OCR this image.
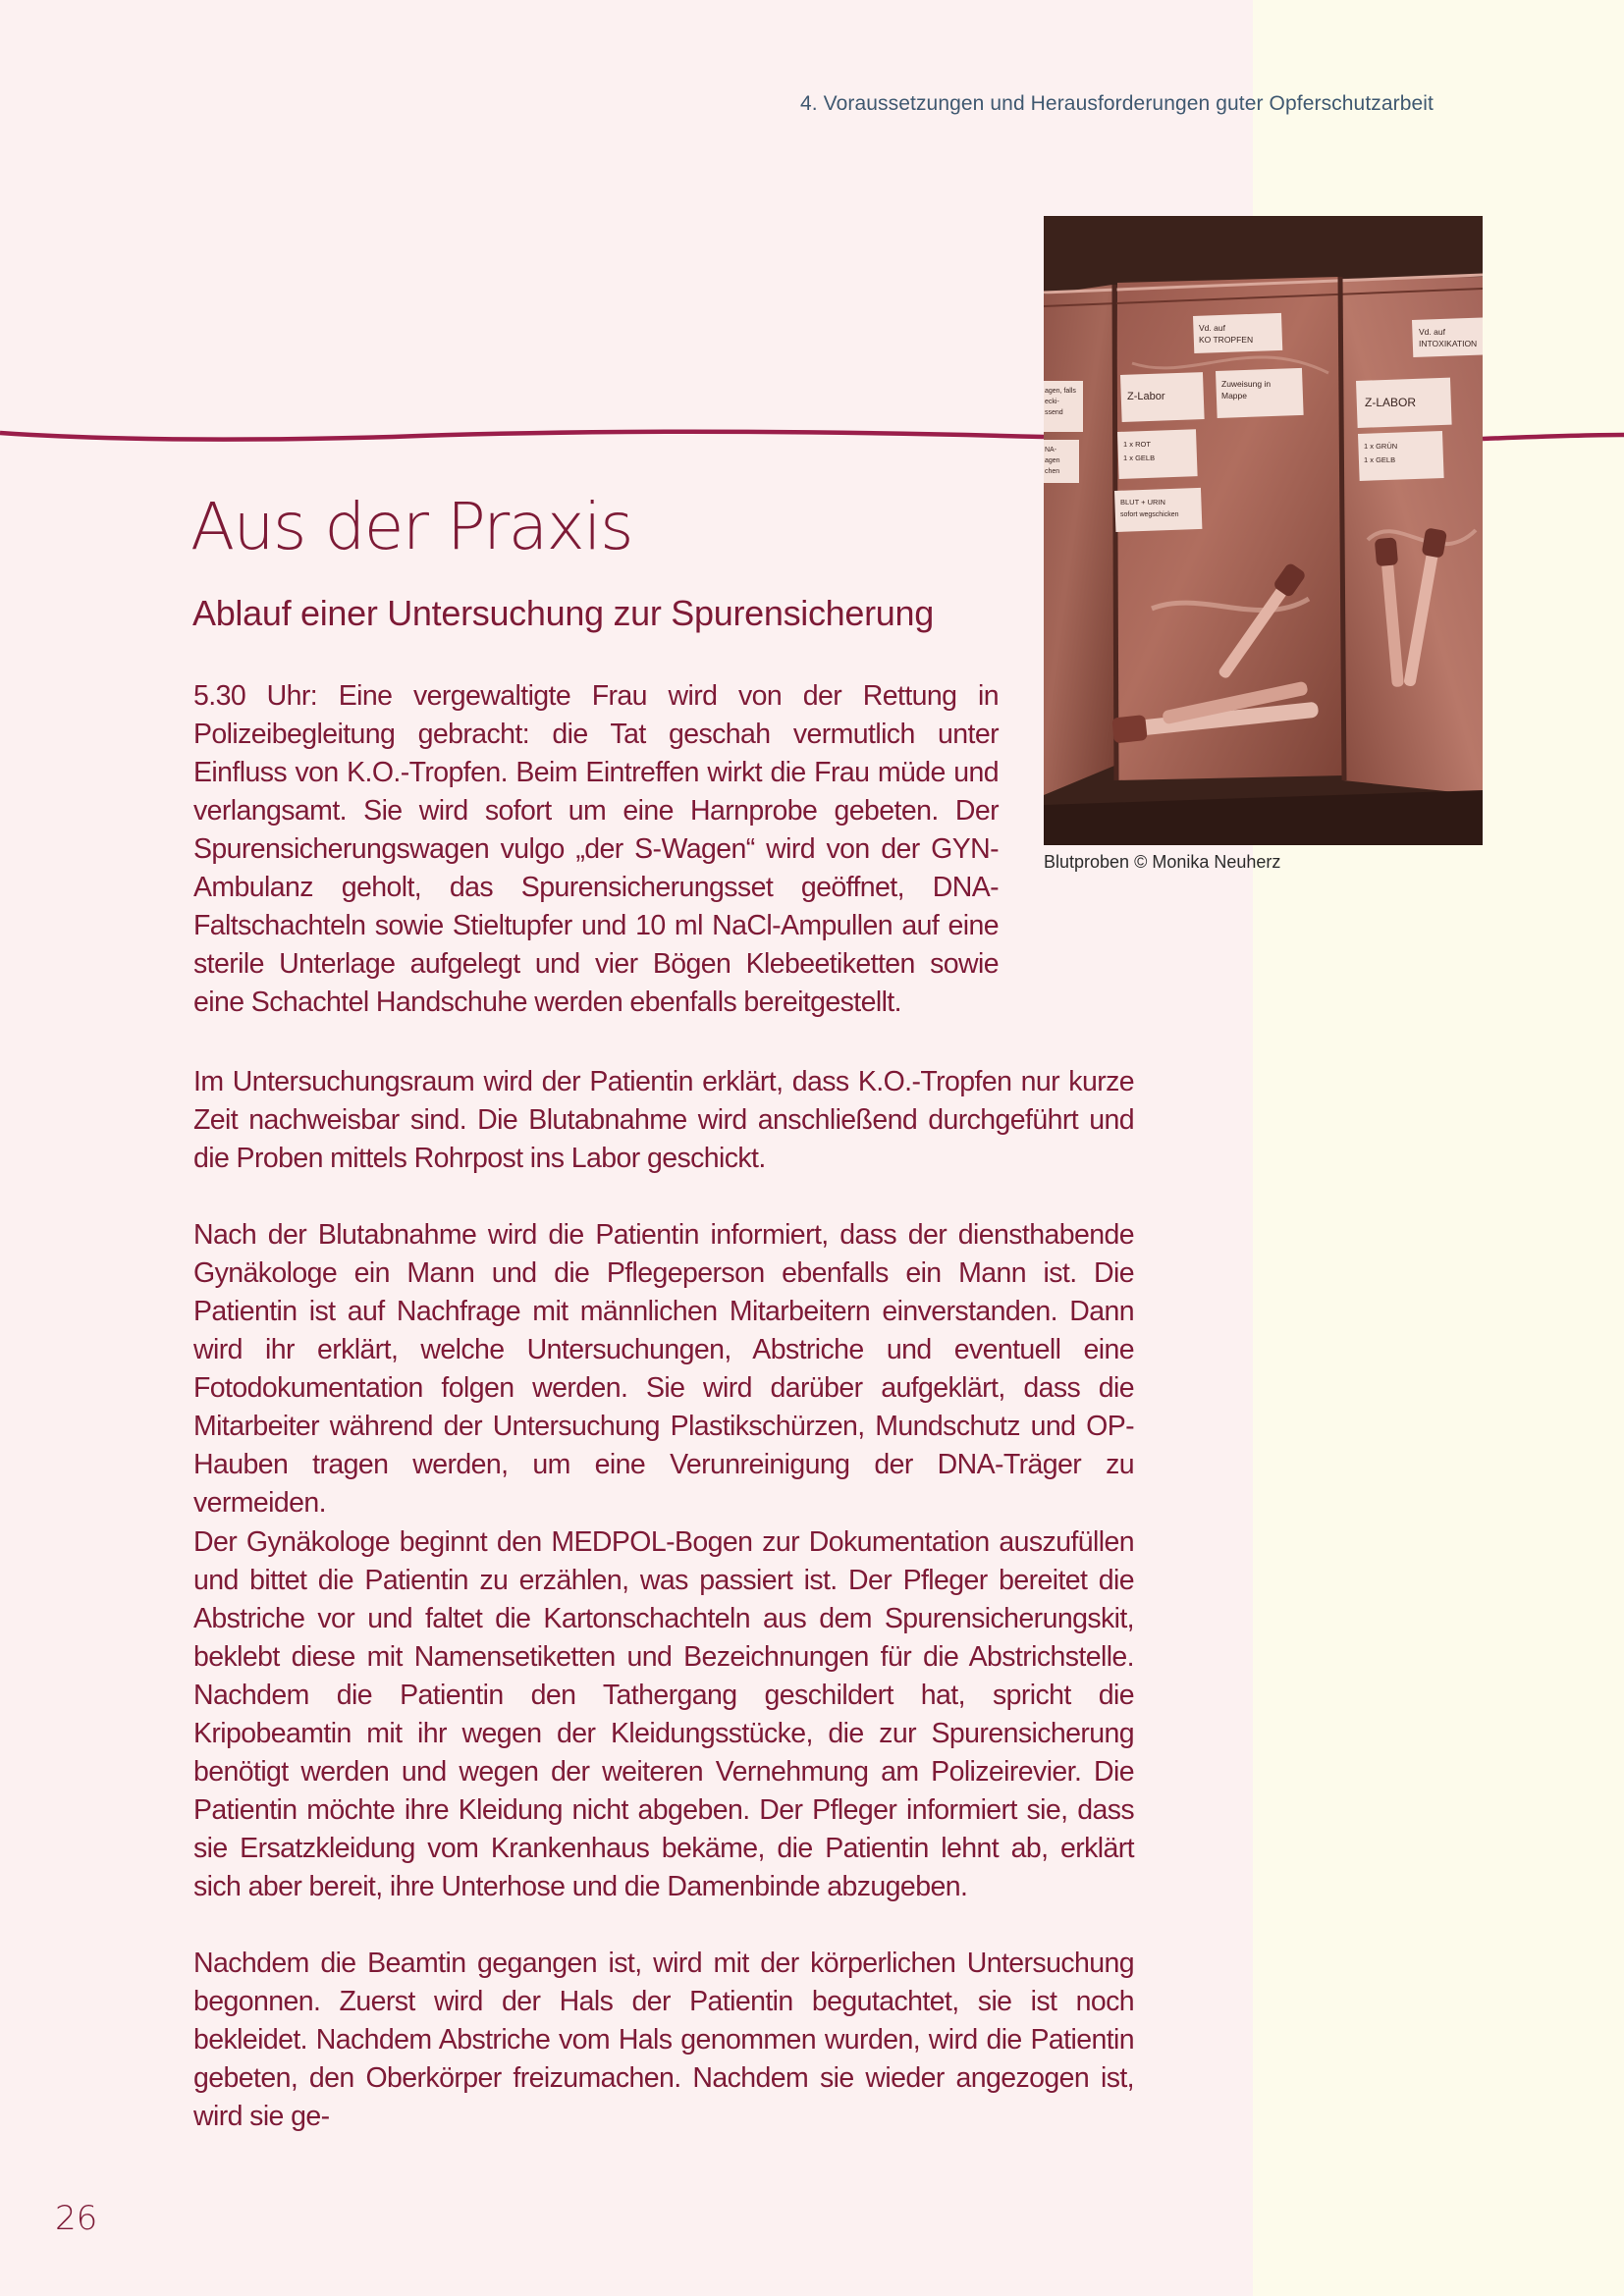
4. Voraussetzungen und Herausforderungen guter Opferschutzarbeit
Vd. auf
KO TROPFEN
Vd. auf
INTOXIKATION
Z-Labor
Zuweisung in
Mappe	Z-LABOR
1 x ROT
1 x GELB
1 x GRÜN
1 x GELB
BLUT + URIN
sofort wegschicken
agen, falls
ecki-
ssend
NA-
agen
chen
Blutproben © Monika Neuherz
Aus der Praxis
Ablauf einer Untersuchung zur Spurensicherung

5.30 Uhr: Eine vergewaltigte Frau wird von der Rettung in Polizeibegleitung gebracht: die Tat geschah vermutlich unter Einfluss von K.O.-Tropfen. Beim Eintreffen wirkt die Frau müde und verlangsamt. Sie wird sofort um eine Harnprobe gebeten. Der Spurensicherungswagen vulgo „der S-Wagen“ wird von der GYN-Ambulanz geholt, das Spurensicherungsset geöffnet, DNA-Faltschachteln sowie Stieltupfer und 10 ml NaCl-Ampullen auf eine sterile Unterlage aufgelegt und vier Bögen Klebeetiketten sowie eine Schachtel Handschuhe werden ebenfalls bereitgestellt.

Im Untersuchungsraum wird der Patientin erklärt, dass K.O.-Tropfen nur kurze Zeit nachweisbar sind. Die Blutabnahme wird anschließend durchgeführt und die Proben mittels Rohrpost ins Labor geschickt.

Nach der Blutabnahme wird die Patientin informiert, dass der diensthabende Gynäkologe ein Mann und die Pflegeperson ebenfalls ein Mann ist. Die Patientin ist auf Nachfrage mit männlichen Mitarbeitern einverstanden. Dann wird ihr erklärt, welche Untersuchungen, Abstriche und eventuell eine Fotodokumentation folgen werden. Sie wird darüber aufgeklärt, dass die Mitarbeiter während der Untersuchung Plastikschürzen, Mundschutz und OP-Hauben tragen werden, um eine Verunreinigung der DNA-Träger zu vermeiden.

Der Gynäkologe beginnt den MEDPOL-Bogen zur Dokumentation auszufüllen und bittet die Patientin zu erzählen, was passiert ist. Der Pfleger bereitet die Abstriche vor und faltet die Kartonschachteln aus dem Spurensicherungskit, beklebt diese mit Namensetiketten und Bezeichnungen für die Abstrichstelle. Nachdem die Patientin den Tathergang geschildert hat, spricht die Kripobeamtin mit ihr wegen der Kleidungsstücke, die zur Spurensicherung benötigt werden und wegen der weiteren Vernehmung am Polizeirevier. Die Patientin möchte ihre Kleidung nicht abgeben. Der Pfleger informiert sie, dass sie Ersatzkleidung vom Krankenhaus bekäme, die Patientin lehnt ab, erklärt sich aber bereit, ihre Unterhose und die Damenbinde abzugeben.

Nachdem die Beamtin gegangen ist, wird mit der körperlichen Untersuchung begonnen. Zuerst wird der Hals der Patientin begutachtet, sie ist noch bekleidet. Nachdem Abstriche vom Hals genommen wurden, wird die Patientin gebeten, den Oberkörper freizumachen. Nachdem sie wieder angezogen ist, wird sie ge-

26
